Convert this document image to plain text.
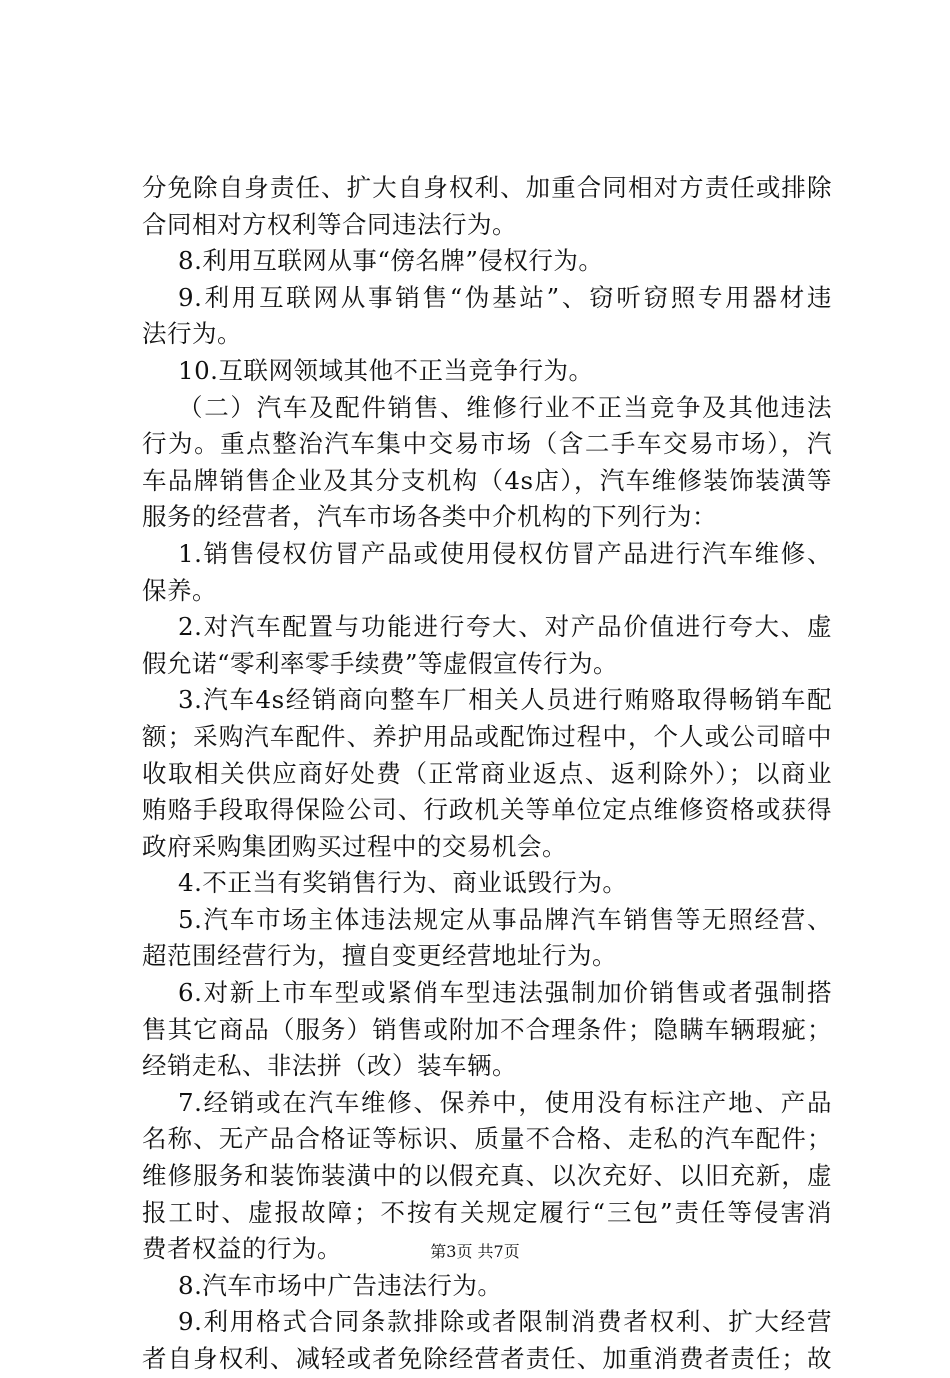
分免除自身责任、扩大自身权利、加重合同相对方责任或排除
合同相对方权利等合同违法行为。
8.利用互联网从事“傍名牌”侵权行为。
9.利用互联网从事销售“伪基站”、窃听窃照专用器材违
法行为。
10.互联网领域其他不正当竞争行为。
（二）汽车及配件销售、维修行业不正当竞争及其他违法
行为。重点整治汽车集中交易市场（含二手车交易市场），汽
车品牌销售企业及其分支机构（4s店），汽车维修装饰装潢等
服务的经营者，汽车市场各类中介机构的下列行为：
1.销售侵权仿冒产品或使用侵权仿冒产品进行汽车维修、
保养。
2.对汽车配置与功能进行夸大、对产品价值进行夸大、虚
假允诺“零利率零手续费”等虚假宣传行为。
3.汽车4s经销商向整车厂相关人员进行贿赂取得畅销车配
额；采购汽车配件、养护用品或配饰过程中，个人或公司暗中
收取相关供应商好处费（正常商业返点、返利除外）；以商业
贿赂手段取得保险公司、行政机关等单位定点维修资格或获得
政府采购集团购买过程中的交易机会。
4.不正当有奖销售行为、商业诋毁行为。
5.汽车市场主体违法规定从事品牌汽车销售等无照经营、
超范围经营行为，擅自变更经营地址行为。
6.对新上市车型或紧俏车型违法强制加价销售或者强制搭
售其它商品（服务）销售或附加不合理条件；隐瞒车辆瑕疵；
经销走私、非法拼（改）装车辆。
7.经销或在汽车维修、保养中，使用没有标注产地、产品
名称、无产品合格证等标识、质量不合格、走私的汽车配件；
维修服务和装饰装潢中的以假充真、以次充好、以旧充新，虚
报工时、虚报故障；不按有关规定履行“三包”责任等侵害消
费者权益的行为。
8.汽车市场中广告违法行为。
9.利用格式合同条款排除或者限制消费者权利、扩大经营
者自身权利、减轻或者免除经营者责任、加重消费者责任；故
第3页 共7页
